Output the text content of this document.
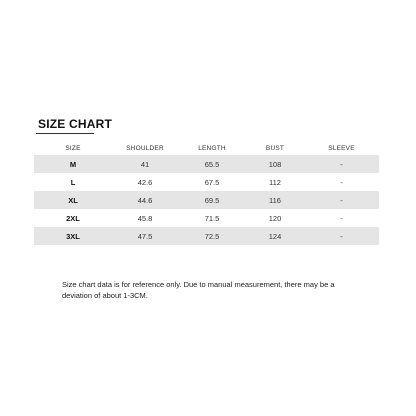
SIZE CHART
SIZE	SHOULDER	LENGTH	BUST	SLEEVE
M	41	65.5	108	-
L	42.6	67.5	112	-
XL	44.6	69.5	116	-
2XL	45.8	71.5	120	-
3XL	47.5	72.5	124	-
Size chart data is for reference only. Due to manual measurement, there may be a deviation of about 1-3CM.
